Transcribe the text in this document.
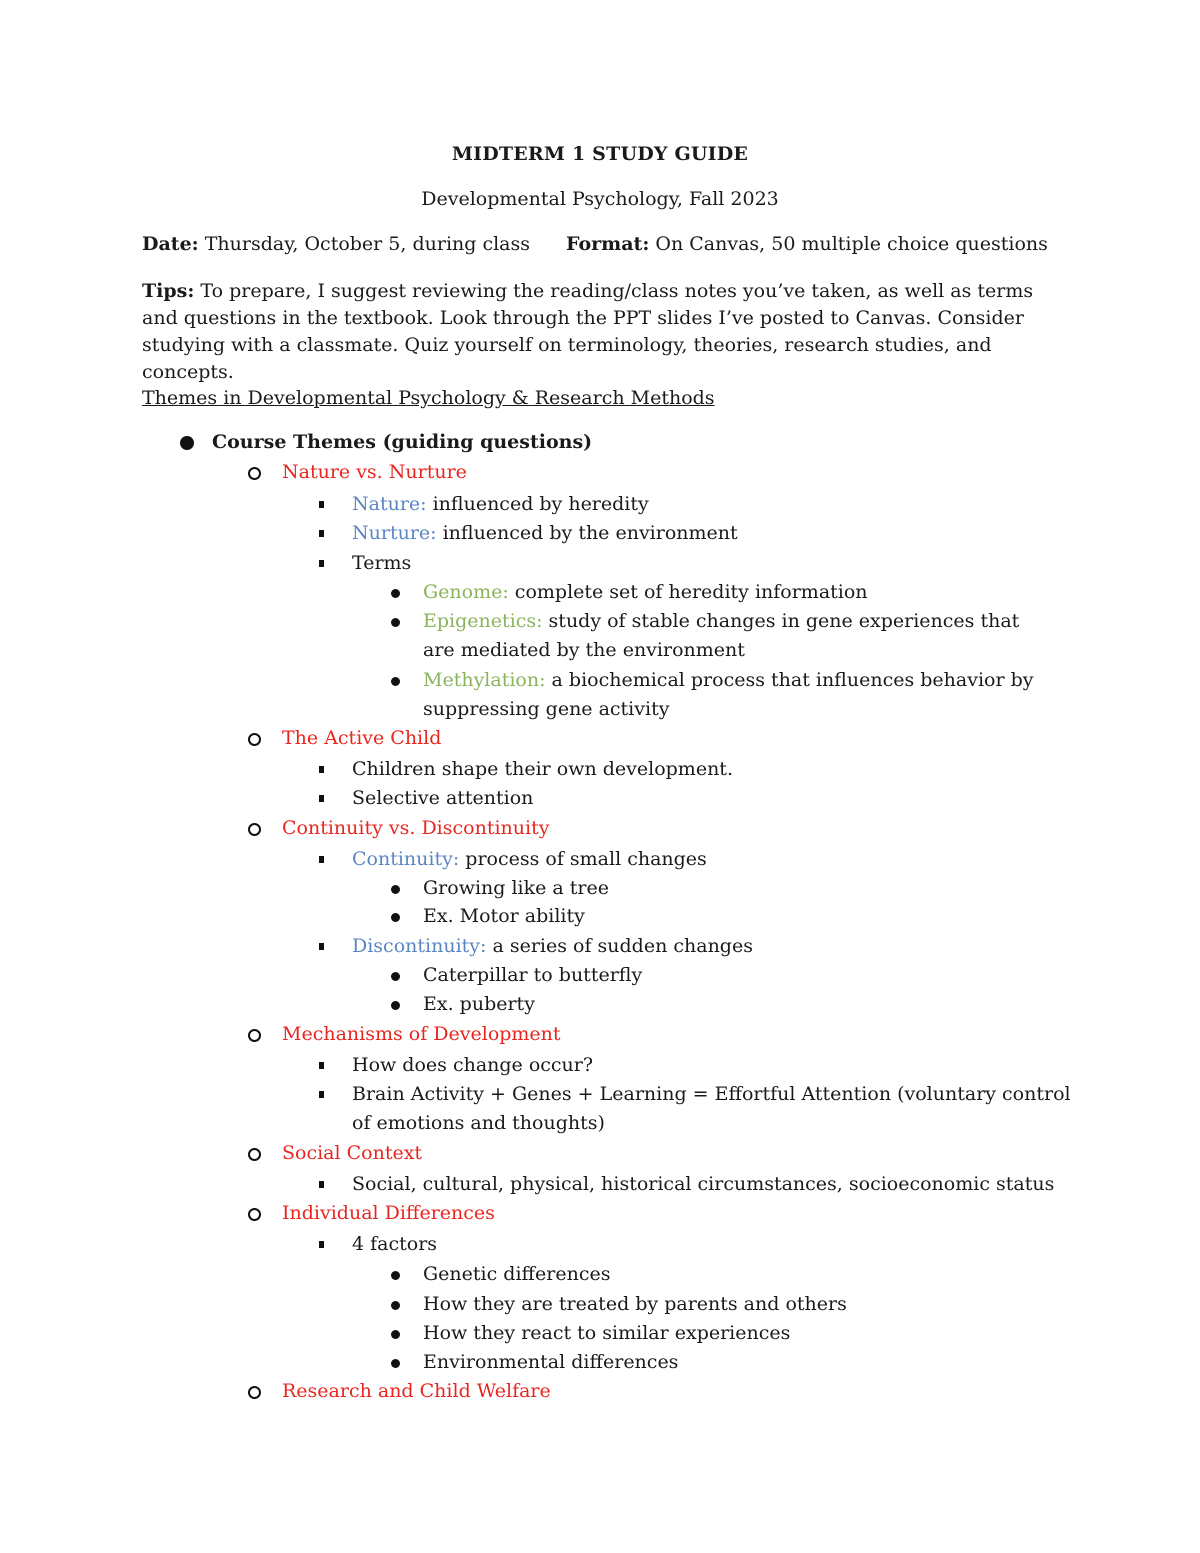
MIDTERM 1 STUDY GUIDE
Developmental Psychology, Fall 2023
Date: Thursday, October 5, during class Format: On Canvas, 50 multiple choice questions
Tips: To prepare, I suggest reviewing the reading/class notes you’ve taken, as well as terms and questions in the textbook. Look through the PPT slides I’ve posted to Canvas. Consider studying with a classmate. Quiz yourself on terminology, theories, research studies, and concepts.
Themes in Developmental Psychology & Research Methods
Course Themes (guiding questions)
Nature vs. Nurture
Nature: influenced by heredity
Nurture: influenced by the environment
Terms
Genome: complete set of heredity information
Epigenetics: study of stable changes in gene experiences that are mediated by the environment
Methylation: a biochemical process that influences behavior by suppressing gene activity
The Active Child
Children shape their own development.
Selective attention
Continuity vs. Discontinuity
Continuity: process of small changes
Growing like a tree
Ex. Motor ability
Discontinuity: a series of sudden changes
Caterpillar to butterfly
Ex. puberty
Mechanisms of Development
How does change occur?
Brain Activity + Genes + Learning = Effortful Attention (voluntary control of emotions and thoughts)
Social Context
Social, cultural, physical, historical circumstances, socioeconomic status
Individual Differences
4 factors
Genetic differences
How they are treated by parents and others
How they react to similar experiences
Environmental differences
Research and Child Welfare
